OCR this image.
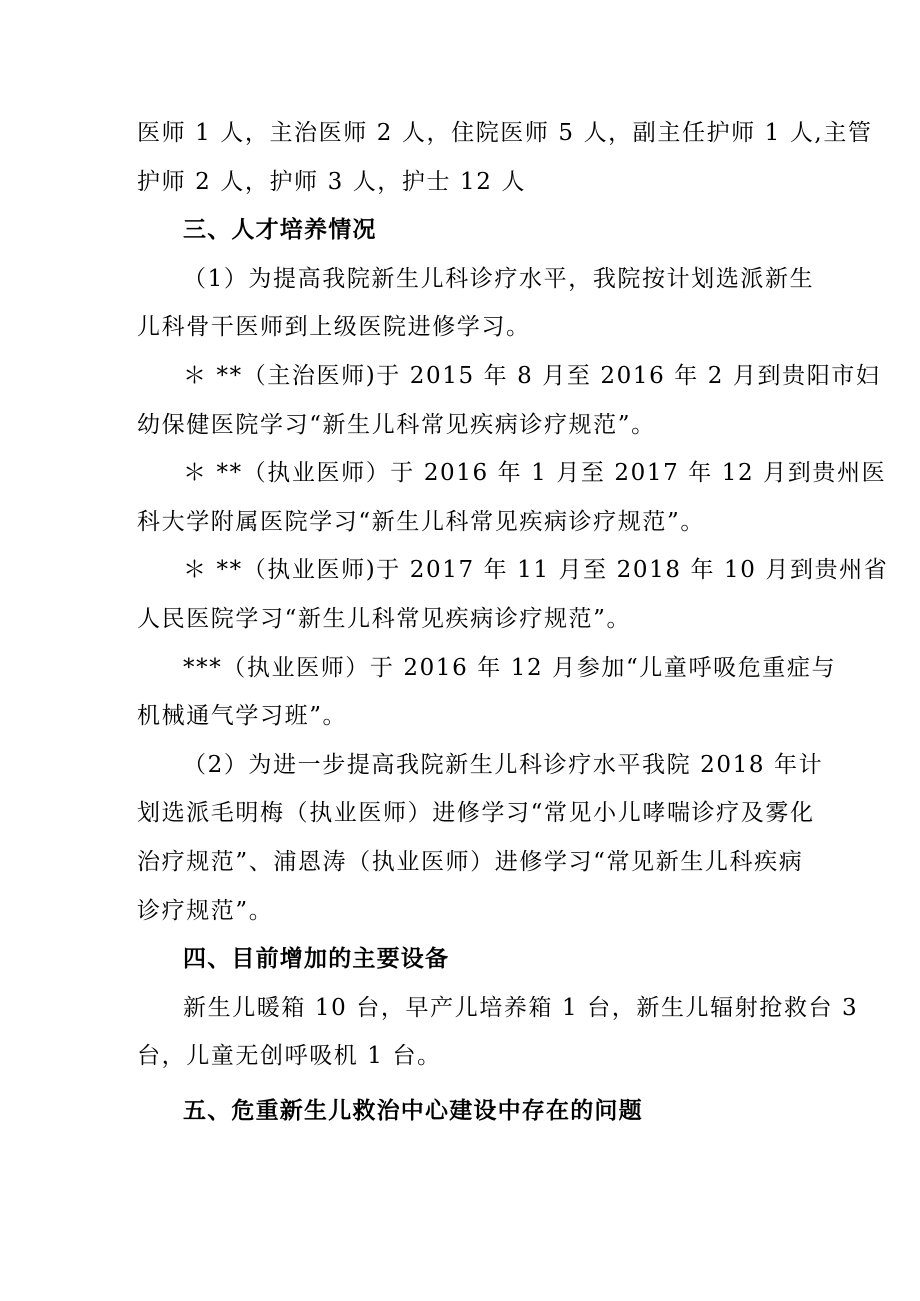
医师 1 人，主治医师 2 人，住院医师 5 人，副主任护师 1 人,主管
护师 2 人，护师 3 人，护士 12 人
三、人才培养情况
（1）为提高我院新生儿科诊疗水平，我院按计划选派新生
儿科骨干医师到上级医院进修学习。
＊ **（主治医师)于 2015 年 8 月至 2016 年 2 月到贵阳市妇
幼保健医院学习“新生儿科常见疾病诊疗规范”。
＊ **（执业医师）于 2016 年 1 月至 2017 年 12 月到贵州医
科大学附属医院学习“新生儿科常见疾病诊疗规范”。
＊ **（执业医师)于 2017 年 11 月至 2018 年 10 月到贵州省
人民医院学习“新生儿科常见疾病诊疗规范”。
***（执业医师）于 2016 年 12 月参加“儿童呼吸危重症与
机械通气学习班”。
（2）为进一步提高我院新生儿科诊疗水平我院 2018 年计
划选派毛明梅（执业医师）进修学习“常见小儿哮喘诊疗及雾化
治疗规范”、浦恩涛（执业医师）进修学习“常见新生儿科疾病
诊疗规范”。
四、目前增加的主要设备
新生儿暖箱 10 台，早产儿培养箱 1 台，新生儿辐射抢救台 3
台，儿童无创呼吸机 1 台。
五、危重新生儿救治中心建设中存在的问题
